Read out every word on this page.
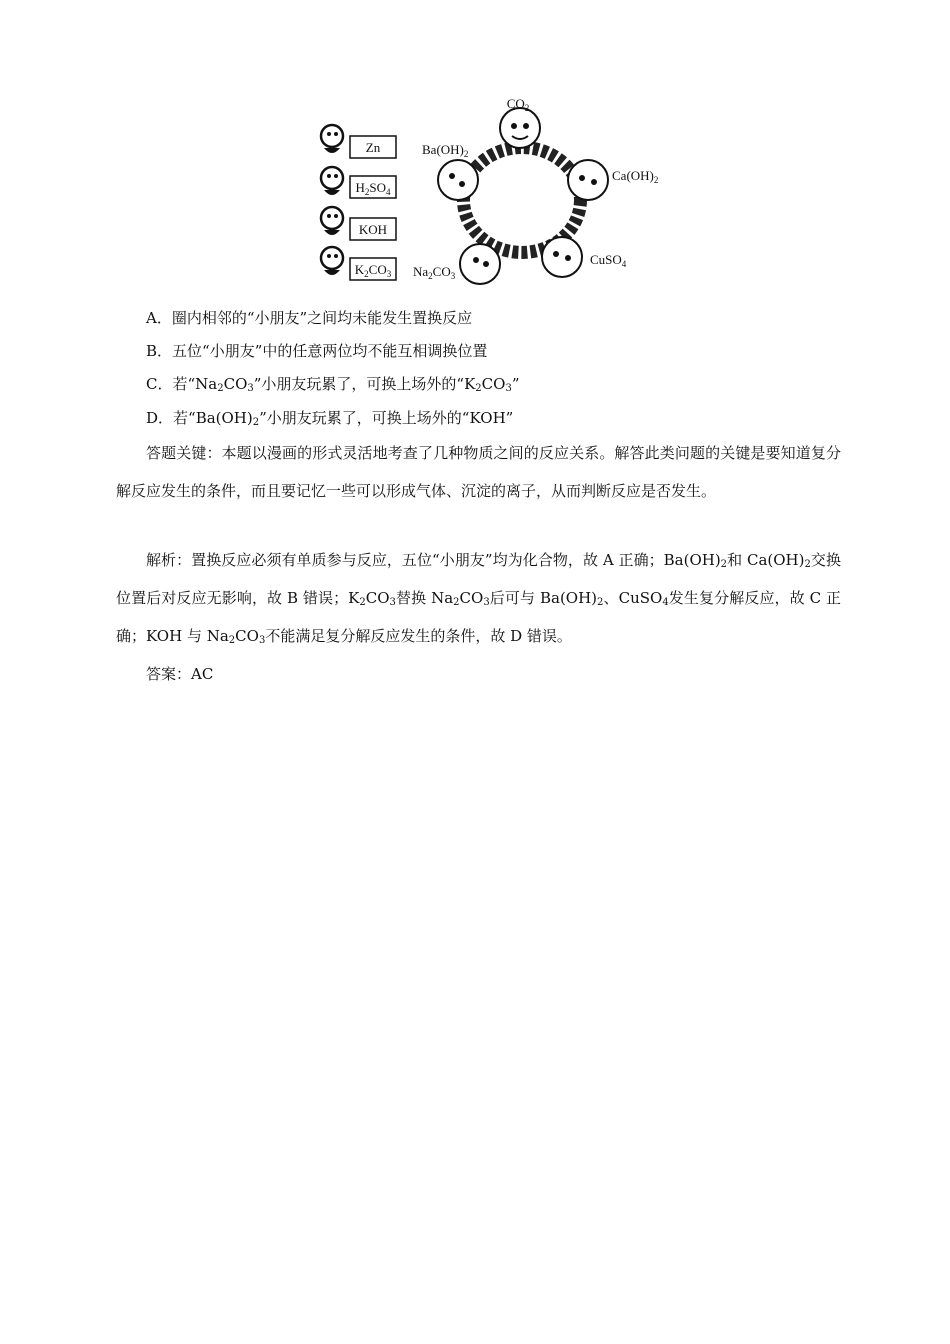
Zn
$H_2SO_4$
KOH
$K_2CO_3$
$CO_2$
$Ba(OH)_2$
$Ca(OH)_2$
CuSO$_4$
$Na_2CO_3$
A．圈内相邻的“小朋友”之间均未能发生置换反应
B．五位“小朋友”中的任意两位均不能互相调换位置
C．若“$Na_2CO_3$”小朋友玩累了，可换上场外的“$K_2CO_3$”
D．若“$Ba(OH)_2$”小朋友玩累了，可换上场外的“KOH”
答题关键：本题以漫画的形式灵活地考查了几种物质之间的反应关系。解答此类问题的关键是要知道复分解反应发生的条件，而且要记忆一些可以形成气体、沉淀的离子，从而判断反应是否发生。
解析：置换反应必须有单质参与反应，五位“小朋友”均为化合物，故 A 正确；$Ba(OH)_2$和 $Ca(OH)_2$交换位置后对反应无影响，故 B 错误；$K_2CO_3$替换 $Na_2CO_3$后可与 $Ba(OH)_2$、CuSO$_4$发生复分解反应，故 C 正确；KOH 与 $Na_2CO_3$不能满足复分解反应发生的条件，故 D 错误。
答案：AC
